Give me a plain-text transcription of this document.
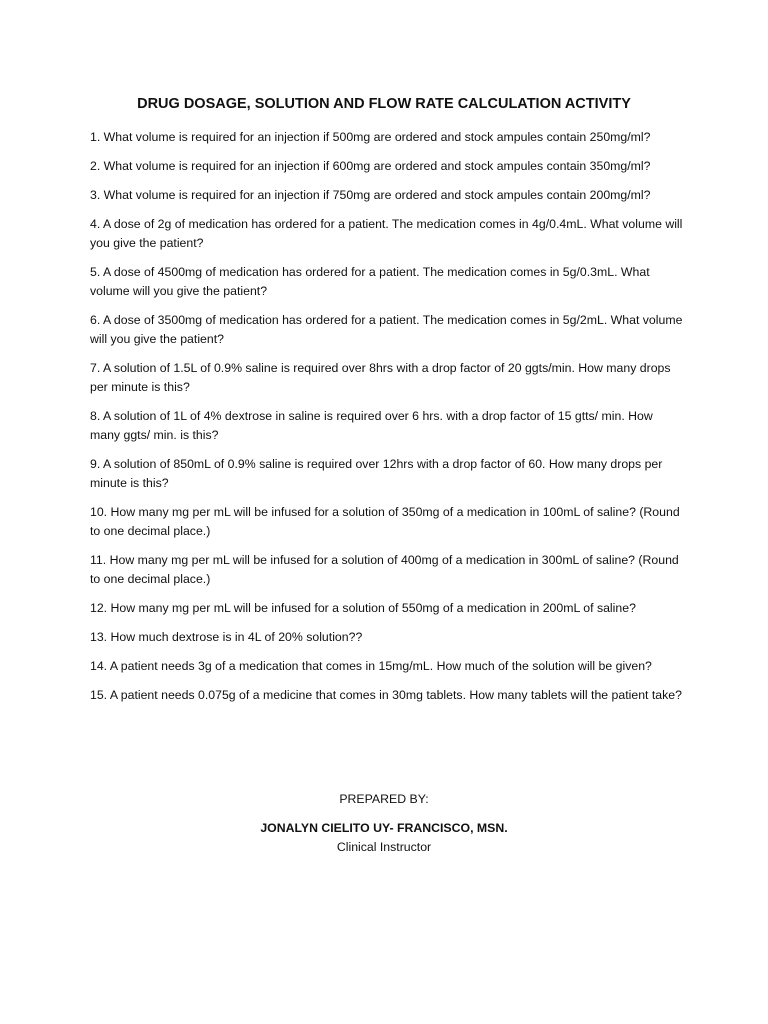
DRUG DOSAGE, SOLUTION AND FLOW RATE CALCULATION ACTIVITY
1. What volume is required for an injection if 500mg are ordered and stock ampules contain 250mg/ml?
2. What volume is required for an injection if 600mg are ordered and stock ampules contain 350mg/ml?
3. What volume is required for an injection if 750mg are ordered and stock ampules contain 200mg/ml?
4. A dose of 2g of medication has ordered for a patient. The medication comes in 4g/0.4mL. What volume will you give the patient?
5. A dose of 4500mg of medication has ordered for a patient. The medication comes in 5g/0.3mL. What volume will you give the patient?
6. A dose of 3500mg of medication has ordered for a patient. The medication comes in 5g/2mL. What volume will you give the patient?
7. A solution of 1.5L of 0.9% saline is required over 8hrs with a drop factor of 20 ggts/min. How many drops per minute is this?
8. A solution of 1L of 4% dextrose in saline is required over 6 hrs. with a drop factor of 15 gtts/ min. How many ggts/ min. is this?
9. A solution of 850mL of 0.9% saline is required over 12hrs with a drop factor of 60. How many drops per minute is this?
10. How many mg per mL will be infused for a solution of 350mg of a medication in 100mL of saline? (Round to one decimal place.)
11. How many mg per mL will be infused for a solution of 400mg of a medication in 300mL of saline? (Round to one decimal place.)
12. How many mg per mL will be infused for a solution of 550mg of a medication in 200mL of saline?
13. How much dextrose is in 4L of 20% solution??
14. A patient needs 3g of a medication that comes in 15mg/mL. How much of the solution will be given?
15. A patient needs 0.075g of a medicine that comes in 30mg tablets. How many tablets will the patient take?

PREPARED BY:

JONALYN CIELITO UY- FRANCISCO, MSN.

Clinical Instructor
